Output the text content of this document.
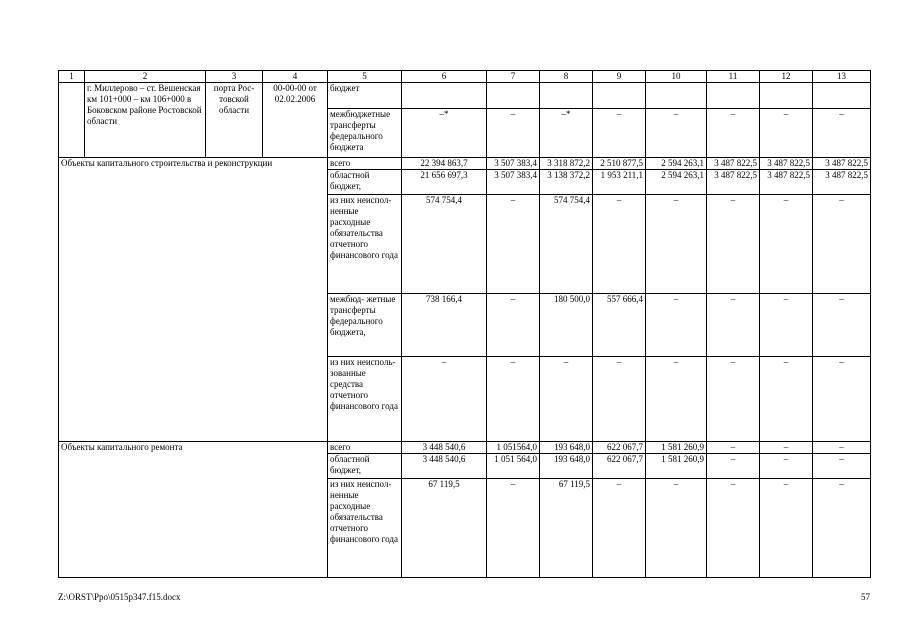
1	2	3	4	5	6	7	8	9	10	11	12	13
	г. Миллерово – ст. Вешенская км 101+000 – км 106+000 в Боковском районе Ростовской области	порта Рос- товской области	00-00-00 от 02.02.2006	бюджет								
				межбюджетные трансферты федерального бюджета	–*	–	–*	–	–	–	–	–
Объекты капитального строительства и реконструкции				всего	22 394 863,7	3 507 383,4	3 318 872,2	2 510 877,5	2 594 263,1	3 487 822,5	3 487 822,5	3 487 822,5
				областной бюджет,	21 656 697,3	3 507 383,4	3 138 372,2	1 953 211,1	2 594 263,1	3 487 822,5	3 487 822,5	3 487 822,5
				из них неиспол- ненные расходные обязательства отчетного финансового года	574 754,4	–	574 754,4	–	–	–	–	–
				межбюд- жетные трансферты федерального бюджета,	738 166,4	–	180 500,0	557 666,4	–	–	–	–
				из них неисполь- зованные средства отчетного финансового года	–	–	–	–	–	–	–	–
Объекты капитального ремонта				всего	3 448 540,6	1 051564,0	193 648,0	622 067,7	1 581 260,9	–	–	–
				областной бюджет,	3 448 540,6	1 051 564,0	193 648,0	622 067,7	1 581 260,9	–	–	–
				из них неиспол- ненные расходные обязательства отчетного финансового года	67 119,5	–	67 119,5	–	–	–	–	–
Z:\ORST\Ppo\0515p347.f15.docx	57
